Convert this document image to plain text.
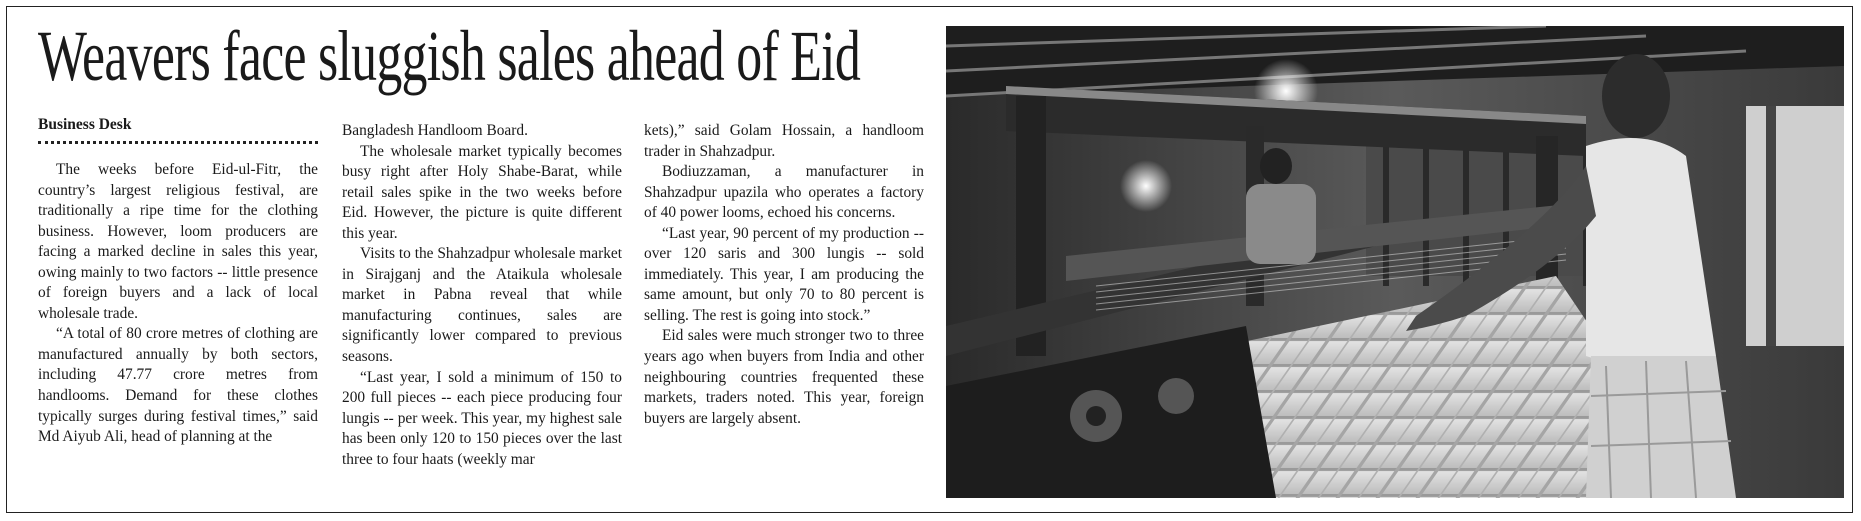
Weavers face sluggish sales ahead of Eid
Business Desk

The weeks before Eid-ul-Fitr, the country’s largest religious festival, are traditionally a ripe time for the clothing business. However, loom producers are facing a marked decline in sales this year, owing mainly to two factors -- little presence of foreign buyers and a lack of local wholesale trade.

“A total of 80 crore metres of clothing are manufactured annually by both sectors, including 47.77 crore metres from handlooms. Demand for these clothes typically surges during festival times,” said Md Aiyub Ali, head of planning at the

Bangladesh Handloom Board.

The wholesale market typically becomes busy right after Holy Shabe-Barat, while retail sales spike in the two weeks before Eid. However, the picture is quite different this year.

Visits to the Shahzadpur wholesale market in Sirajganj and the Ataikula wholesale market in Pabna reveal that while manufacturing continues, sales are significantly lower compared to previous seasons.

“Last year, I sold a minimum of 150 to 200 full pieces -- each piece producing four lungis -- per week. This year, my highest sale has been only 120 to 150 pieces over the last three to four haats (weekly mar

kets),” said Golam Hossain, a handloom trader in Shahzadpur.

Bodiuzzaman, a manufacturer in Shahzadpur upazila who operates a factory of 40 power looms, echoed his concerns.

“Last year, 90 percent of my production -- over 120 saris and 300 lungis -- sold immediately. This year, I am producing the same amount, but only 70 to 80 percent is selling. The rest is going into stock.”

Eid sales were much stronger two to three years ago when buyers from India and other neighbouring countries frequented these markets, traders noted. This year, foreign buyers are largely absent.
